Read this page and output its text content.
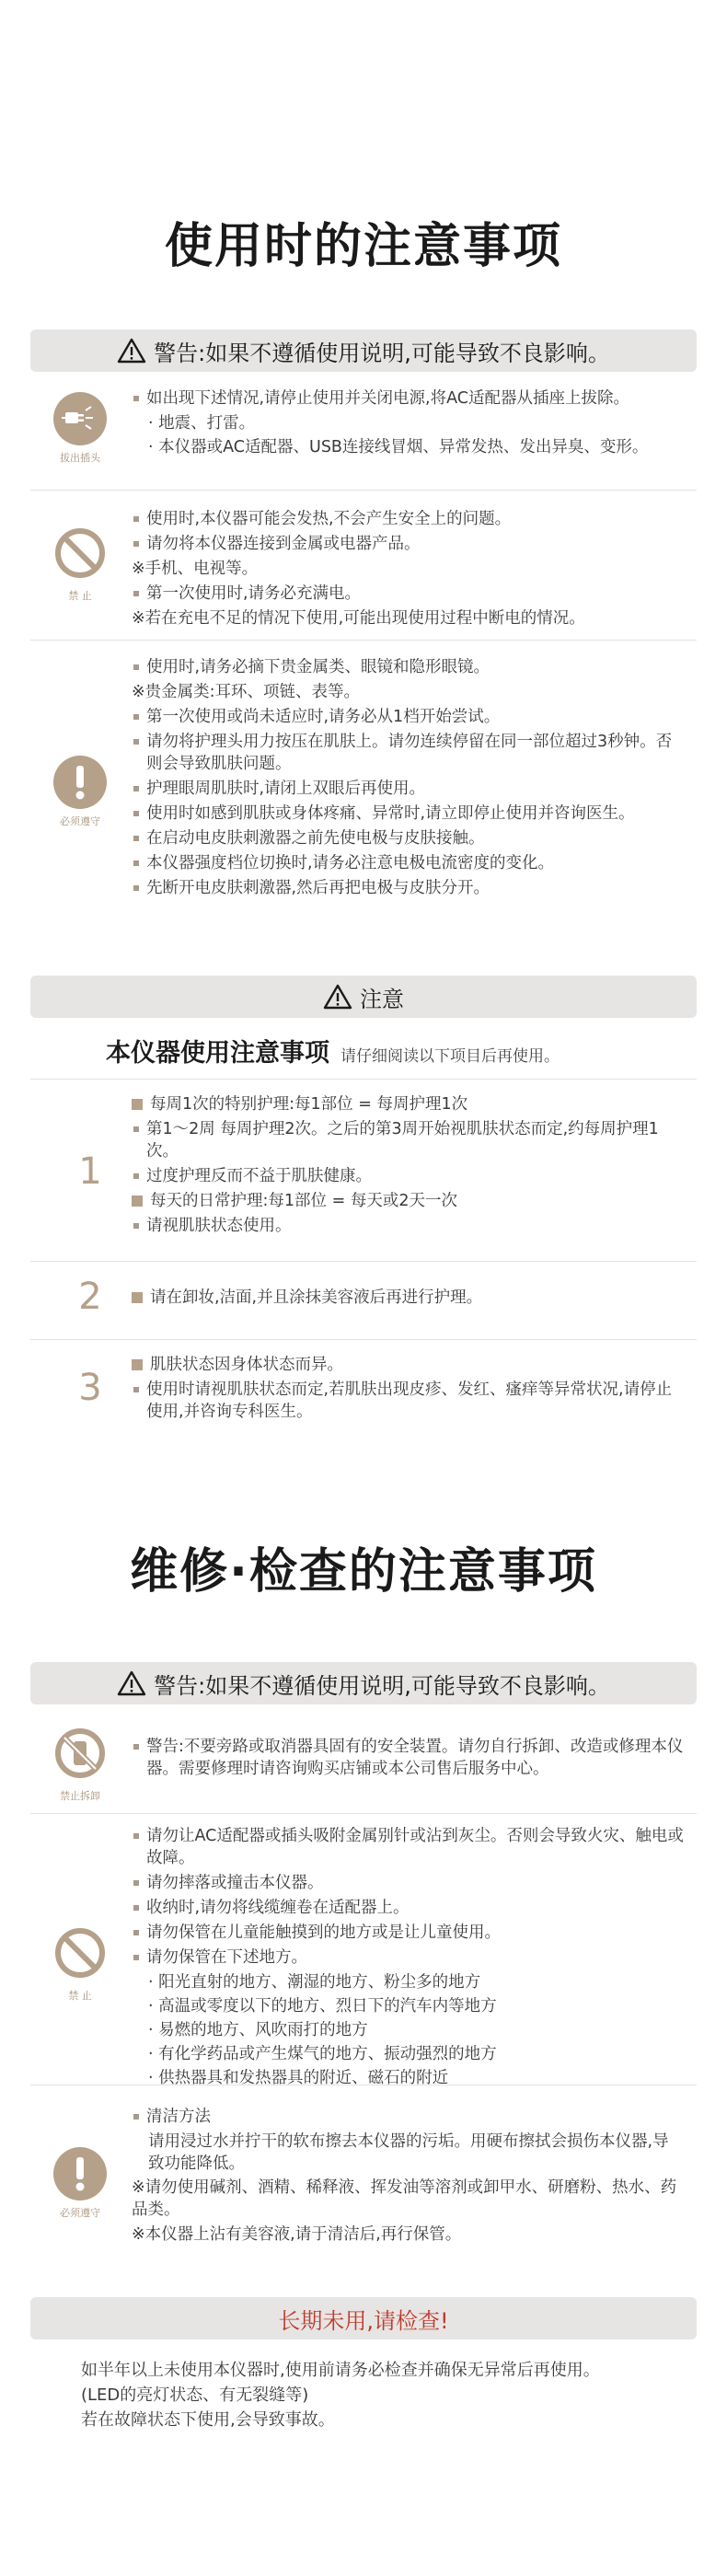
使用时的注意事项
警告:如果不遵循使用说明,可能导致不良影响。
拔出插头
如出现下述情况,请停止使用并关闭电源,将AC适配器从插座上拔除。
· 地震、打雷。
· 本仪器或AC适配器、USB连接线冒烟、异常发热、发出异臭、变形。
禁 止
使用时,本仪器可能会发热,不会产生安全上的问题。
请勿将本仪器连接到金属或电器产品。
※手机、电视等。
第一次使用时,请务必充满电。
※若在充电不足的情况下使用,可能出现使用过程中断电的情况。
必须遵守
使用时,请务必摘下贵金属类、眼镜和隐形眼镜。
※贵金属类:耳环、项链、表等。
第一次使用或尚未适应时,请务必从1档开始尝试。
请勿将护理头用力按压在肌肤上。请勿连续停留在同一部位超过3秒钟。否则会导致肌肤问题。
护理眼周肌肤时,请闭上双眼后再使用。
使用时如感到肌肤或身体疼痛、异常时,请立即停止使用并咨询医生。
在启动电皮肤刺激器之前先使电极与皮肤接触。
本仪器强度档位切换时,请务必注意电极电流密度的变化。
先断开电皮肤刺激器,然后再把电极与皮肤分开。
注意
本仪器使用注意事项 请仔细阅读以下项目后再使用。
1
每周1次的特别护理:每1部位 = 每周护理1次
第1～2周 每周护理2次。之后的第3周开始视肌肤状态而定,约每周护理1次。
过度护理反而不益于肌肤健康。
每天的日常护理:每1部位 = 每天或2天一次
请视肌肤状态使用。
2	请在卸妆,洁面,并且涂抹美容液后再进行护理。
3
肌肤状态因身体状态而异。
使用时请视肌肤状态而定,若肌肤出现皮疹、发红、瘙痒等异常状况,请停止使用,并咨询专科医生。
维修·检查的注意事项
警告:如果不遵循使用说明,可能导致不良影响。
禁止拆卸
警告:不要旁路或取消器具固有的安全装置。请勿自行拆卸、改造或修理本仪器。需要修理时请咨询购买店铺或本公司售后服务中心。
禁 止
请勿让AC适配器或插头吸附金属别针或沾到灰尘。否则会导致火灾、触电或故障。
请勿摔落或撞击本仪器。
收纳时,请勿将线缆缠卷在适配器上。
请勿保管在儿童能触摸到的地方或是让儿童使用。
请勿保管在下述地方。
· 阳光直射的地方、潮湿的地方、粉尘多的地方
· 高温或零度以下的地方、烈日下的汽车内等地方
· 易燃的地方、风吹雨打的地方
· 有化学药品或产生煤气的地方、振动强烈的地方
· 供热器具和发热器具的附近、磁石的附近
必须遵守
清洁方法
请用浸过水并拧干的软布擦去本仪器的污垢。用硬布擦拭会损伤本仪器,导致功能降低。
※请勿使用碱剂、酒精、稀释液、挥发油等溶剂或卸甲水、研磨粉、热水、药品类。
※本仪器上沾有美容液,请于清洁后,再行保管。
长期未用,请检查!
如半年以上未使用本仪器时,使用前请务必检查并确保无异常后再使用。
(LED的亮灯状态、有无裂缝等)
若在故障状态下使用,会导致事故。
